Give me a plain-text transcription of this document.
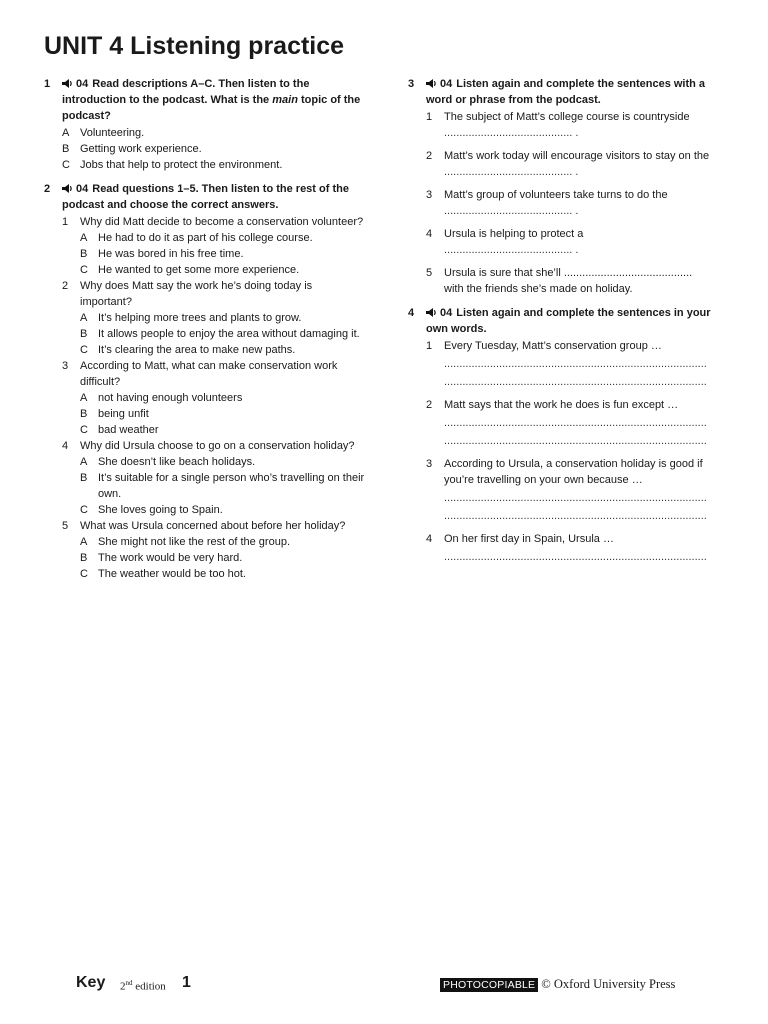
UNIT 4 Listening practice
1	04 Read descriptions A–C. Then listen to the introduction to the podcast. What is the main topic of the podcast?
A Volunteering.
B Getting work experience.
C Jobs that help to protect the environment.
2	04 Read questions 1–5. Then listen to the rest of the podcast and choose the correct answers.
1 Why did Matt decide to become a conservation volunteer?
A He had to do it as part of his college course.
B He was bored in his free time.
C He wanted to get some more experience.
2 Why does Matt say the work he’s doing today is important?
A It’s helping more trees and plants to grow.
B It allows people to enjoy the area without damaging it.
C It’s clearing the area to make new paths.
3 According to Matt, what can make conservation work difficult?
A not having enough volunteers
B being unfit
C bad weather
4 Why did Ursula choose to go on a conservation holiday?
A She doesn’t like beach holidays.
B It’s suitable for a single person who’s travelling on their own.
C She loves going to Spain.
5 What was Ursula concerned about before her holiday?
A She might not like the rest of the group.
B The work would be very hard.
C The weather would be too hot.
3	04 Listen again and complete the sentences with a word or phrase from the podcast.
1 The subject of Matt’s college course is countryside
.......................................... .
2 Matt’s work today will encourage visitors to stay on the
.......................................... .
3 Matt’s group of volunteers take turns to do the
.......................................... .
4 Ursula is helping to protect a
.......................................... .
5 Ursula is sure that she’ll ..........................................
with the friends she’s made on holiday.
4	04 Listen again and complete the sentences in your own words.
1 Every Tuesday, Matt’s conservation group …
......................................................................................
......................................................................................
2 Matt says that the work he does is fun except …
......................................................................................
......................................................................................
3 According to Ursula, a conservation holiday is good if you’re travelling on your own because …
......................................................................................
......................................................................................
4 On her first day in Spain, Ursula …
......................................................................................
Key 2nd edition 1	PHOTOCOPIABLE © Oxford University Press
